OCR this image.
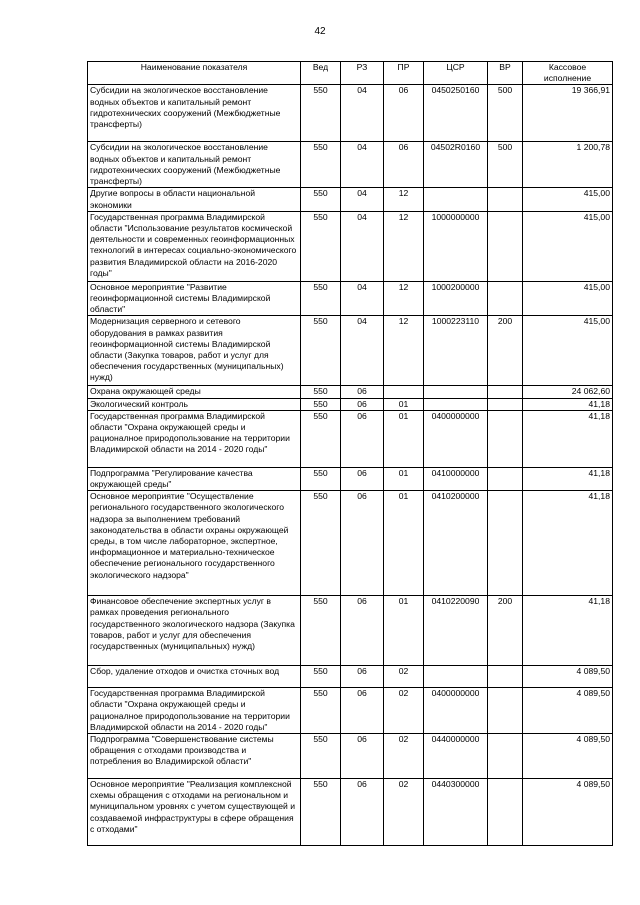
42
Наименование показателя	Вед	РЗ	ПР	ЦСР	ВР	Кассовое исполнение
Субсидии на экологическое восстановление водных объектов и капитальный ремонт гидротехнических сооружений (Межбюджетные трансферты)	550	04	06	0450250160	500	19 366,91
Субсидии на экологическое восстановление водных объектов и капитальный ремонт гидротехнических сооружений (Межбюджетные трансферты)	550	04	06	04502R0160	500	1 200,78
Другие вопросы в области национальной экономики	550	04	12			415,00
Государственная программа Владимирской области "Использование результатов космической деятельности и современных геоинформационных технологий в интересах социально-экономического развития Владимирской области на 2016-2020 годы"	550	04	12	1000000000		415,00
Основное мероприятие "Развитие геоинформационной системы Владимирской области"	550	04	12	1000200000		415,00
Модернизация серверного и сетевого оборудования в рамках развития геоинформационной системы Владимирской области (Закупка товаров, работ и услуг для обеспечения государственных (муниципальных) нужд)	550	04	12	1000223110	200	415,00
Охрана окружающей среды	550	06				24 062,60
Экологический контроль	550	06	01			41,18
Государственная программа Владимирской области "Охрана окружающей среды и рационалное природопользование на территории Владимирской области на 2014 - 2020 годы"	550	06	01	0400000000		41,18
Подпрограмма "Регулирование качества окружающей среды"	550	06	01	0410000000		41,18
Основное мероприятие "Осуществление регионального государственного экологического надзора за выполнением требований законодательства в области охраны окружающей среды, в том числе лабораторное, экспертное, информационное и материально-техническое обеспечение регионального государственного экологического надзора"	550	06	01	0410200000		41,18
Финансовое обеспечение экспертных услуг в рамках проведения регионального государственного экологического надзора (Закупка товаров, работ и услуг для обеспечения государственных (муниципальных) нужд)	550	06	01	0410220090	200	41,18
Сбор, удаление отходов и очистка сточных вод	550	06	02			4 089,50
Государственная программа Владимирской области "Охрана окружающей среды и рационалное природопользование на территории Владимирской области на 2014 - 2020 годы"	550	06	02	0400000000		4 089,50
Подпрограмма "Совершенствование системы обращения с отходами производства и потребления во Владимирской области"	550	06	02	0440000000		4 089,50
Основное мероприятие "Реализация комплексной схемы обращения с отходами на региональном и муниципальном уровнях с учетом существующей и создаваемой инфраструктуры в сфере обращения с отходами"	550	06	02	0440300000		4 089,50
